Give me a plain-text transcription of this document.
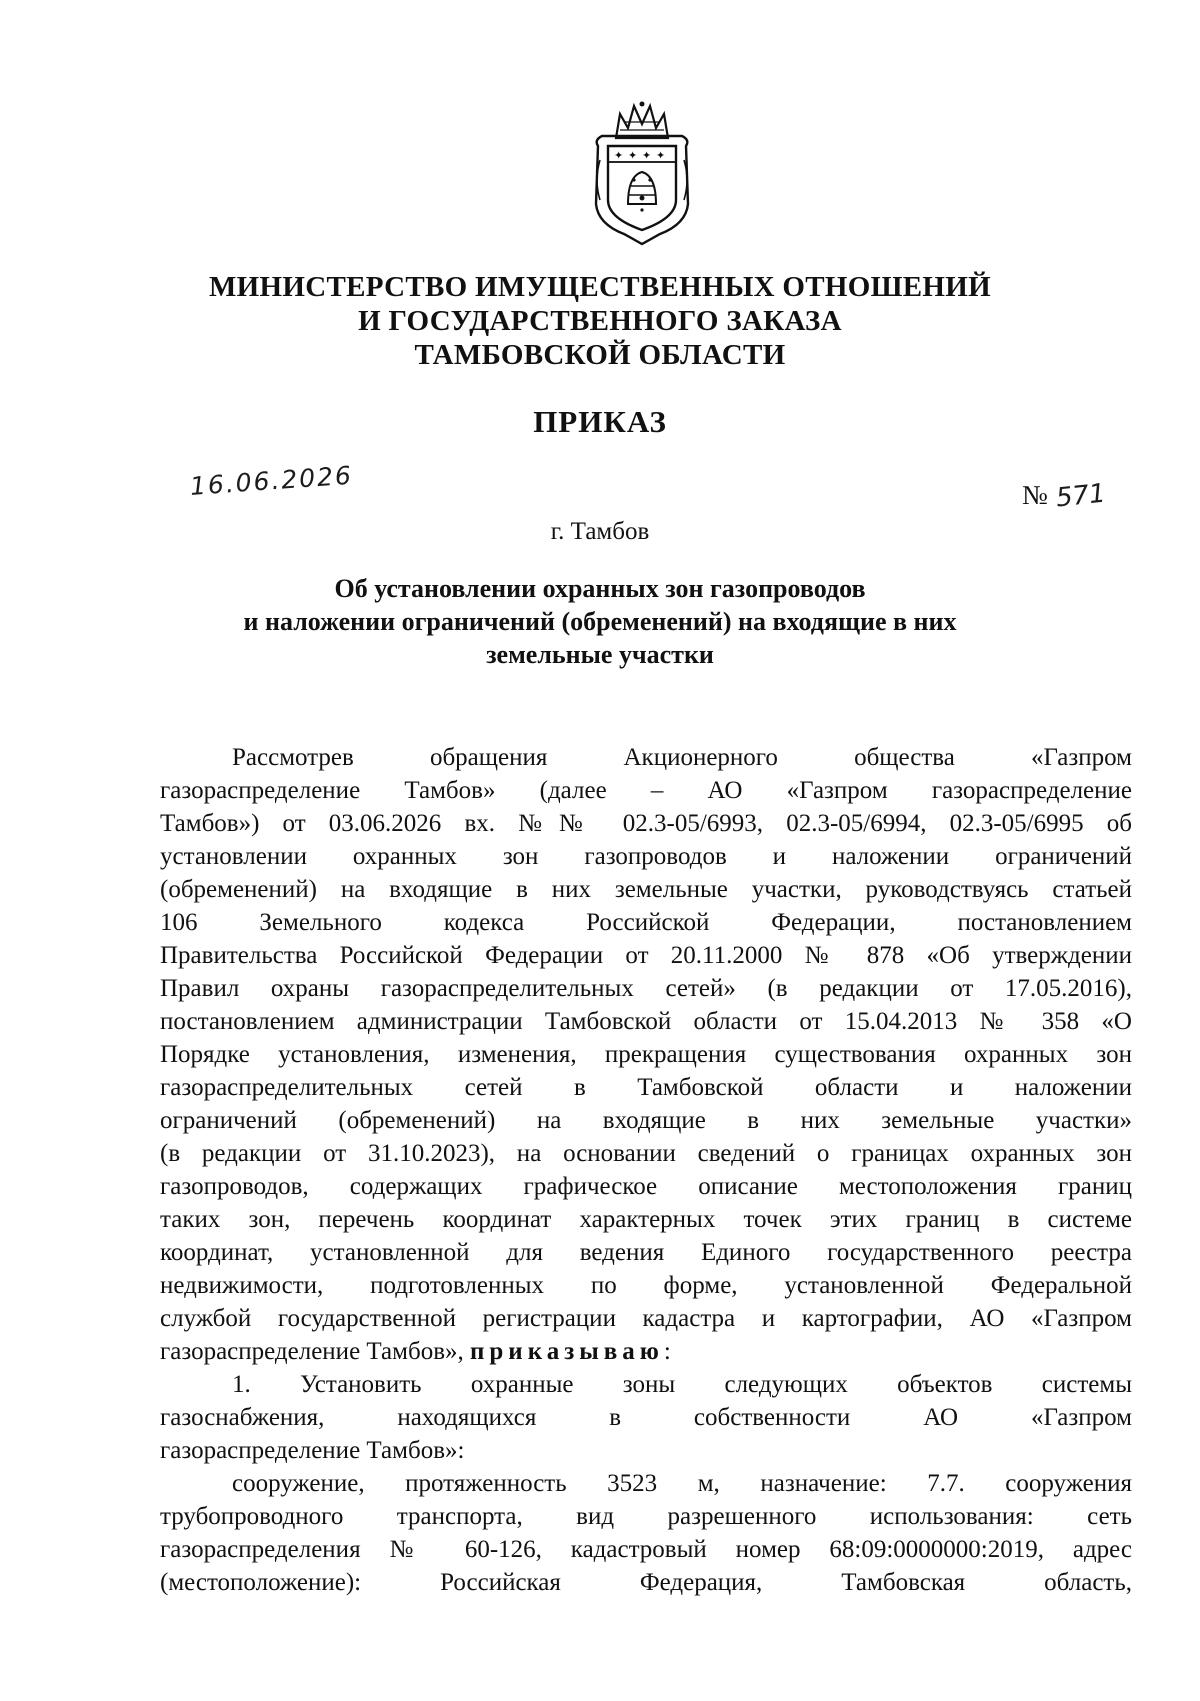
✦ ✦ ✦ ✦
МИНИСТЕРСТВО ИМУЩЕСТВЕННЫХ ОТНОШЕНИЙ
И ГОСУДАРСТВЕННОГО ЗАКАЗА
ТАМБОВСКОЙ ОБЛАСТИ
ПРИКАЗ
16.06.2026	№ 571
г. Тамбов
Об установлении охранных зон газопроводов
и наложении ограничений (обременений) на входящие в них
земельные участки
Рассмотрев обращения Акционерного общества «Газпром
газораспределение Тамбов» (далее – АО «Газпром газораспределение
Тамбов») от 03.06.2026 вх. №№ 02.3-05/6993, 02.3-05/6994, 02.3-05/6995 об
установлении охранных зон газопроводов и наложении ограничений
(обременений) на входящие в них земельные участки, руководствуясь статьей
106 Земельного кодекса Российской Федерации, постановлением
Правительства Российской Федерации от 20.11.2000 № 878 «Об утверждении
Правил охраны газораспределительных сетей» (в редакции от 17.05.2016),
постановлением администрации Тамбовской области от 15.04.2013 № 358 «О
Порядке установления, изменения, прекращения существования охранных зон
газораспределительных сетей в Тамбовской области и наложении
ограничений (обременений) на входящие в них земельные участки»
(в редакции от 31.10.2023), на основании сведений о границах охранных зон
газопроводов, содержащих графическое описание местоположения границ
таких зон, перечень координат характерных точек этих границ в системе
координат, установленной для ведения Единого государственного реестра
недвижимости, подготовленных по форме, установленной Федеральной
службой государственной регистрации кадастра и картографии, АО «Газпром
газораспределение Тамбов», приказываю:
1. Установить охранные зоны следующих объектов системы
газоснабжения, находящихся в собственности АО «Газпром
газораспределение Тамбов»:
сооружение, протяженность 3523 м, назначение: 7.7. сооружения
трубопроводного транспорта, вид разрешенного использования: сеть
газораспределения № 60-126, кадастровый номер 68:09:0000000:2019, адрес
(местоположение): Российская Федерация, Тамбовская область,
